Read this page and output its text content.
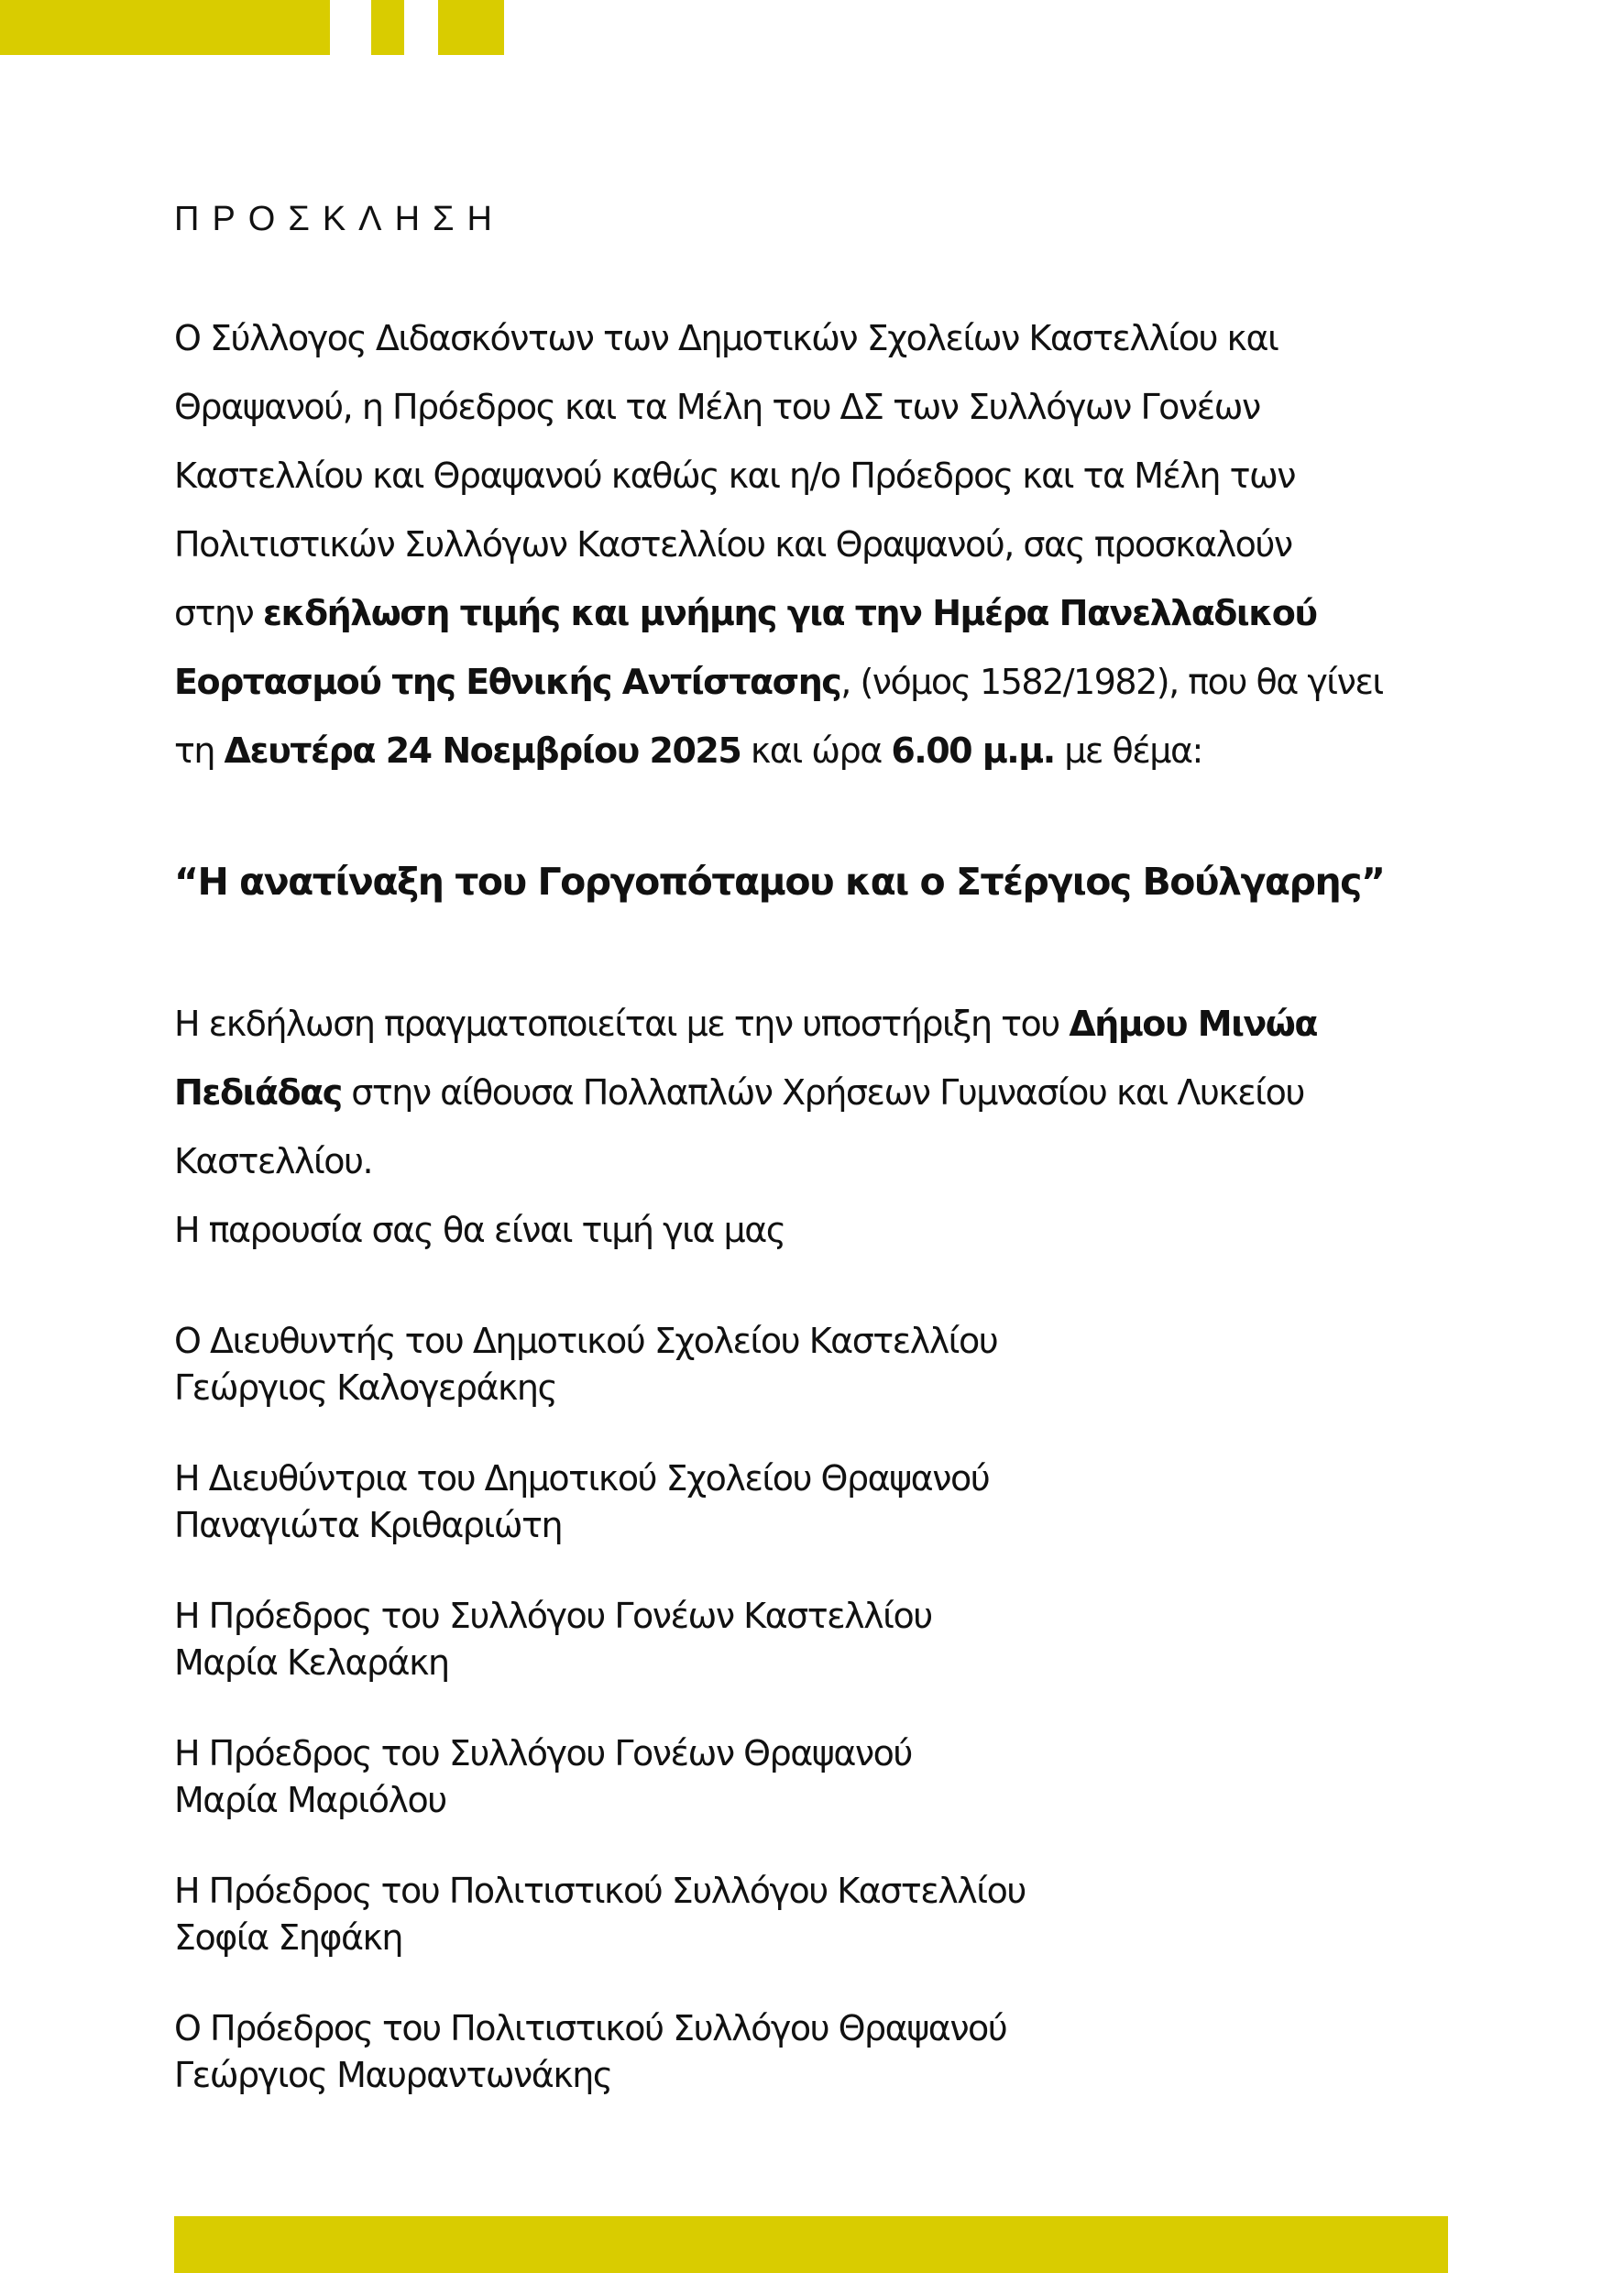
ΠΡΟΣΚΛΗΣΗ
Ο Σύλλογος Διδασκόντων των Δημοτικών Σχολείων Καστελλίου και
Θραψανού, η Πρόεδρος και τα Μέλη του ΔΣ των Συλλόγων Γονέων
Καστελλίου και Θραψανού καθώς και η/ο Πρόεδρος και τα Μέλη των
Πολιτιστικών Συλλόγων Καστελλίου και Θραψανού, σας προσκαλούν
στην εκδήλωση τιμής και μνήμης για την Ημέρα Πανελλαδικού
Εορτασμού της Εθνικής Αντίστασης, (νόμος 1582/1982), που θα γίνει
τη Δευτέρα 24 Νοεμβρίου 2025 και ώρα 6.00 μ.μ. με θέμα:
“Η ανατίναξη του Γοργοπόταμου και ο Στέργιος Βούλγαρης”
Η εκδήλωση πραγματοποιείται με την υποστήριξη του Δήμου Μινώα
Πεδιάδας στην αίθουσα Πολλαπλών Χρήσεων Γυμνασίου και Λυκείου
Καστελλίου.
Η παρουσία σας θα είναι τιμή για μας
Ο Διευθυντής του Δημοτικού Σχολείου Καστελλίου
Γεώργιος Καλογεράκης
Η Διευθύντρια του Δημοτικού Σχολείου Θραψανού
Παναγιώτα Κριθαριώτη
Η Πρόεδρος του Συλλόγου Γονέων Καστελλίου
Μαρία Κελαράκη
Η Πρόεδρος του Συλλόγου Γονέων Θραψανού
Μαρία Μαριόλου
Η Πρόεδρος του Πολιτιστικού Συλλόγου Καστελλίου
Σοφία Σηφάκη
Ο Πρόεδρος του Πολιτιστικού Συλλόγου Θραψανού
Γεώργιος Μαυραντωνάκης
